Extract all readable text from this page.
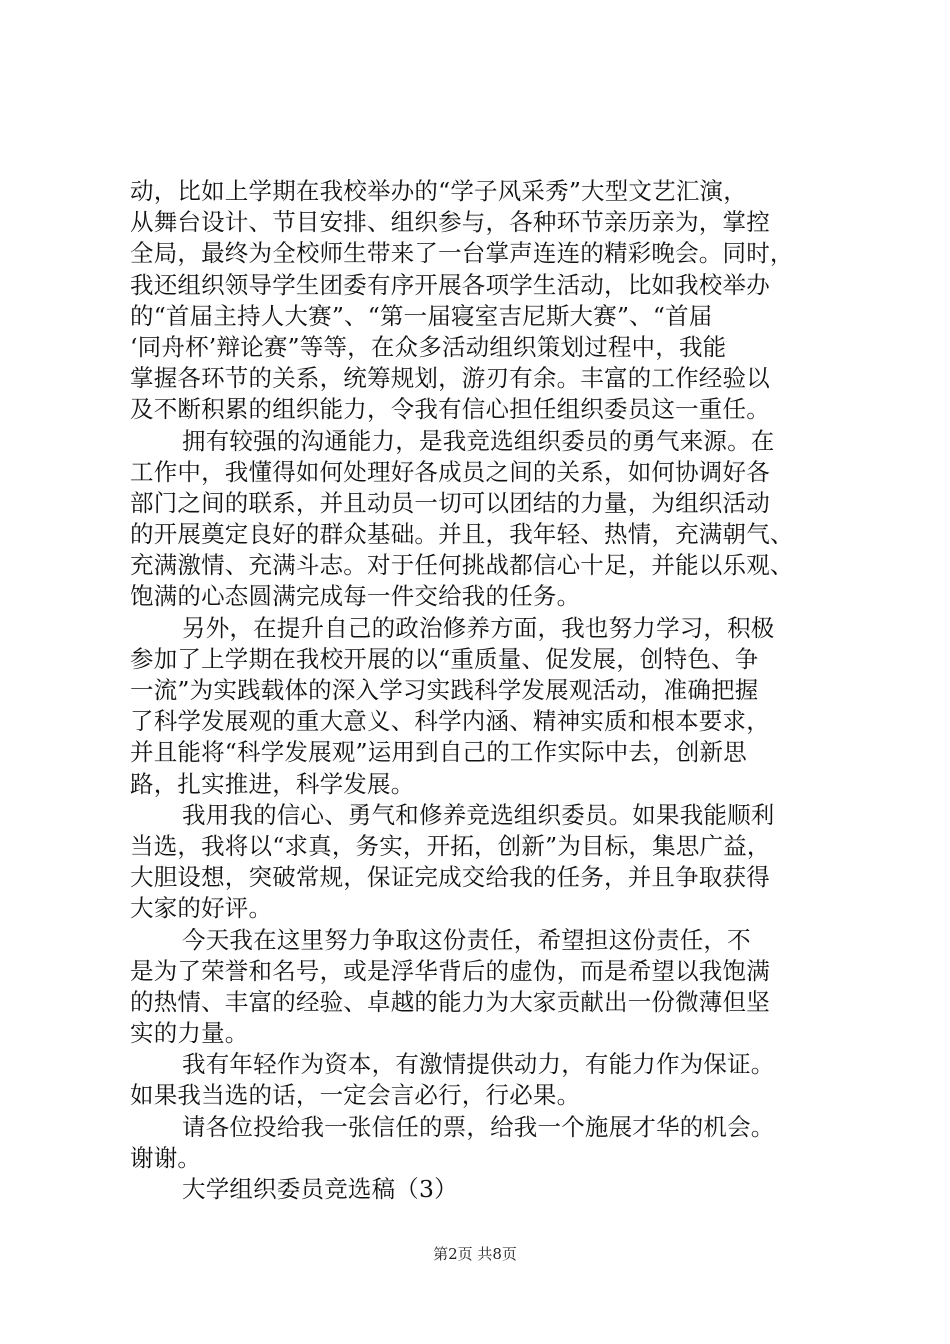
动，比如上学期在我校举办的“学子风采秀”大型文艺汇演，
从舞台设计、节目安排、组织参与，各种环节亲历亲为，掌控
全局，最终为全校师生带来了一台掌声连连的精彩晚会。同时，
我还组织领导学生团委有序开展各项学生活动，比如我校举办
的“首届主持人大赛”、“第一届寝室吉尼斯大赛”、“首届
‘同舟杯’辩论赛”等等，在众多活动组织策划过程中，我能
掌握各环节的关系，统筹规划，游刃有余。丰富的工作经验以
及不断积累的组织能力，令我有信心担任组织委员这一重任。
拥有较强的沟通能力，是我竞选组织委员的勇气来源。在
工作中，我懂得如何处理好各成员之间的关系，如何协调好各
部门之间的联系，并且动员一切可以团结的力量，为组织活动
的开展奠定良好的群众基础。并且，我年轻、热情，充满朝气、
充满激情、充满斗志。对于任何挑战都信心十足，并能以乐观、
饱满的心态圆满完成每一件交给我的任务。
另外，在提升自己的政治修养方面，我也努力学习，积极
参加了上学期在我校开展的以“重质量、促发展，创特色、争
一流”为实践载体的深入学习实践科学发展观活动，准确把握
了科学发展观的重大意义、科学内涵、精神实质和根本要求，
并且能将“科学发展观”运用到自己的工作实际中去，创新思
路，扎实推进，科学发展。
我用我的信心、勇气和修养竞选组织委员。如果我能顺利
当选，我将以“求真，务实，开拓，创新”为目标，集思广益，
大胆设想，突破常规，保证完成交给我的任务，并且争取获得
大家的好评。
今天我在这里努力争取这份责任，希望担这份责任，不
是为了荣誉和名号，或是浮华背后的虚伪，而是希望以我饱满
的热情、丰富的经验、卓越的能力为大家贡献出一份微薄但坚
实的力量。
我有年轻作为资本，有激情提供动力，有能力作为保证。
如果我当选的话，一定会言必行，行必果。
请各位投给我一张信任的票，给我一个施展才华的机会。
谢谢。
大学组织委员竞选稿（3）
第2页 共8页
